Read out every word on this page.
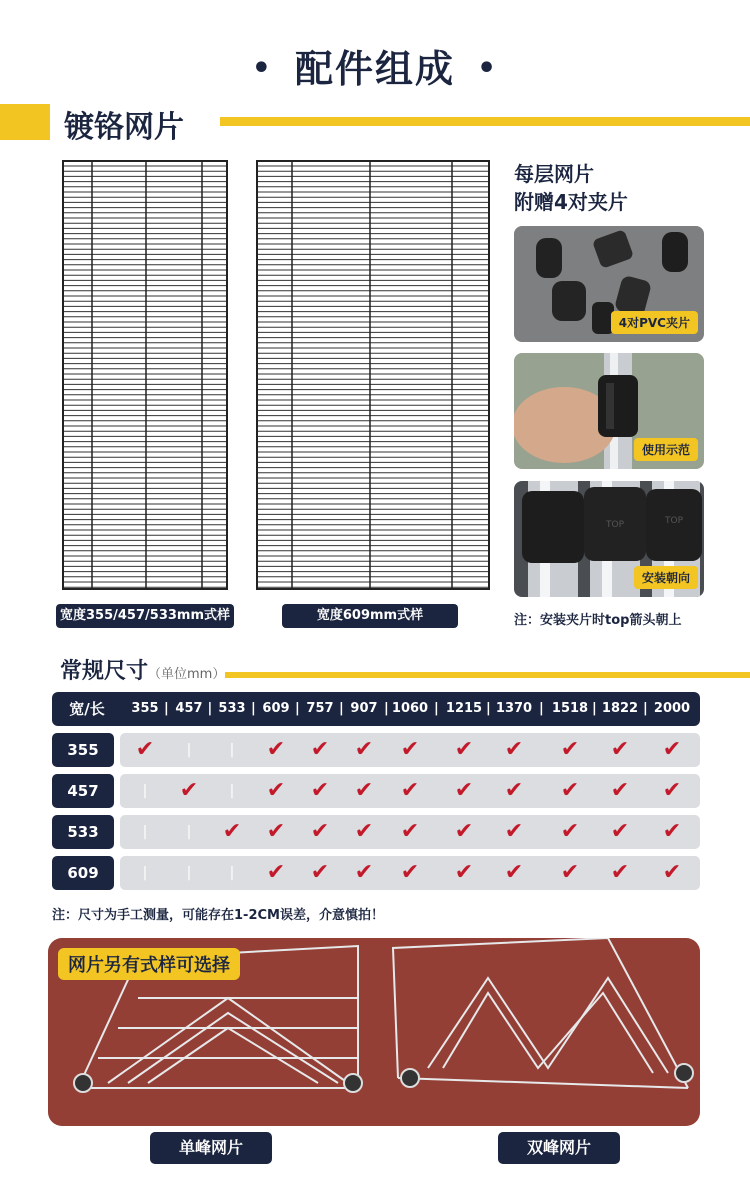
• 配件组成 •
镀铬网片
宽度355/457/533mm式样	宽度609mm式样
每层网片
附赠4对夹片
4对PVC夹片
使用示范
TOP	TOP
安装朝向
注：安装夹片时top箭头朝上
常规尺寸（单位mm）
宽/长	355 | 457 | 533 | 609 | 757 | 907 | 1060 | 1215 | 1370 | 1518 | 1822 | 2000
355	✔	|	|	✔ ✔ ✔ ✔ ✔ ✔ ✔ ✔ ✔
457	|	✔	|	✔ ✔ ✔ ✔ ✔ ✔ ✔ ✔ ✔
533	|	|	✔ ✔ ✔ ✔ ✔ ✔ ✔ ✔ ✔ ✔
609	|	|	|	✔ ✔ ✔ ✔ ✔ ✔ ✔ ✔ ✔
注：尺寸为手工测量，可能存在1-2CM误差，介意慎拍！
网片另有式样可选择
单峰网片	双峰网片
